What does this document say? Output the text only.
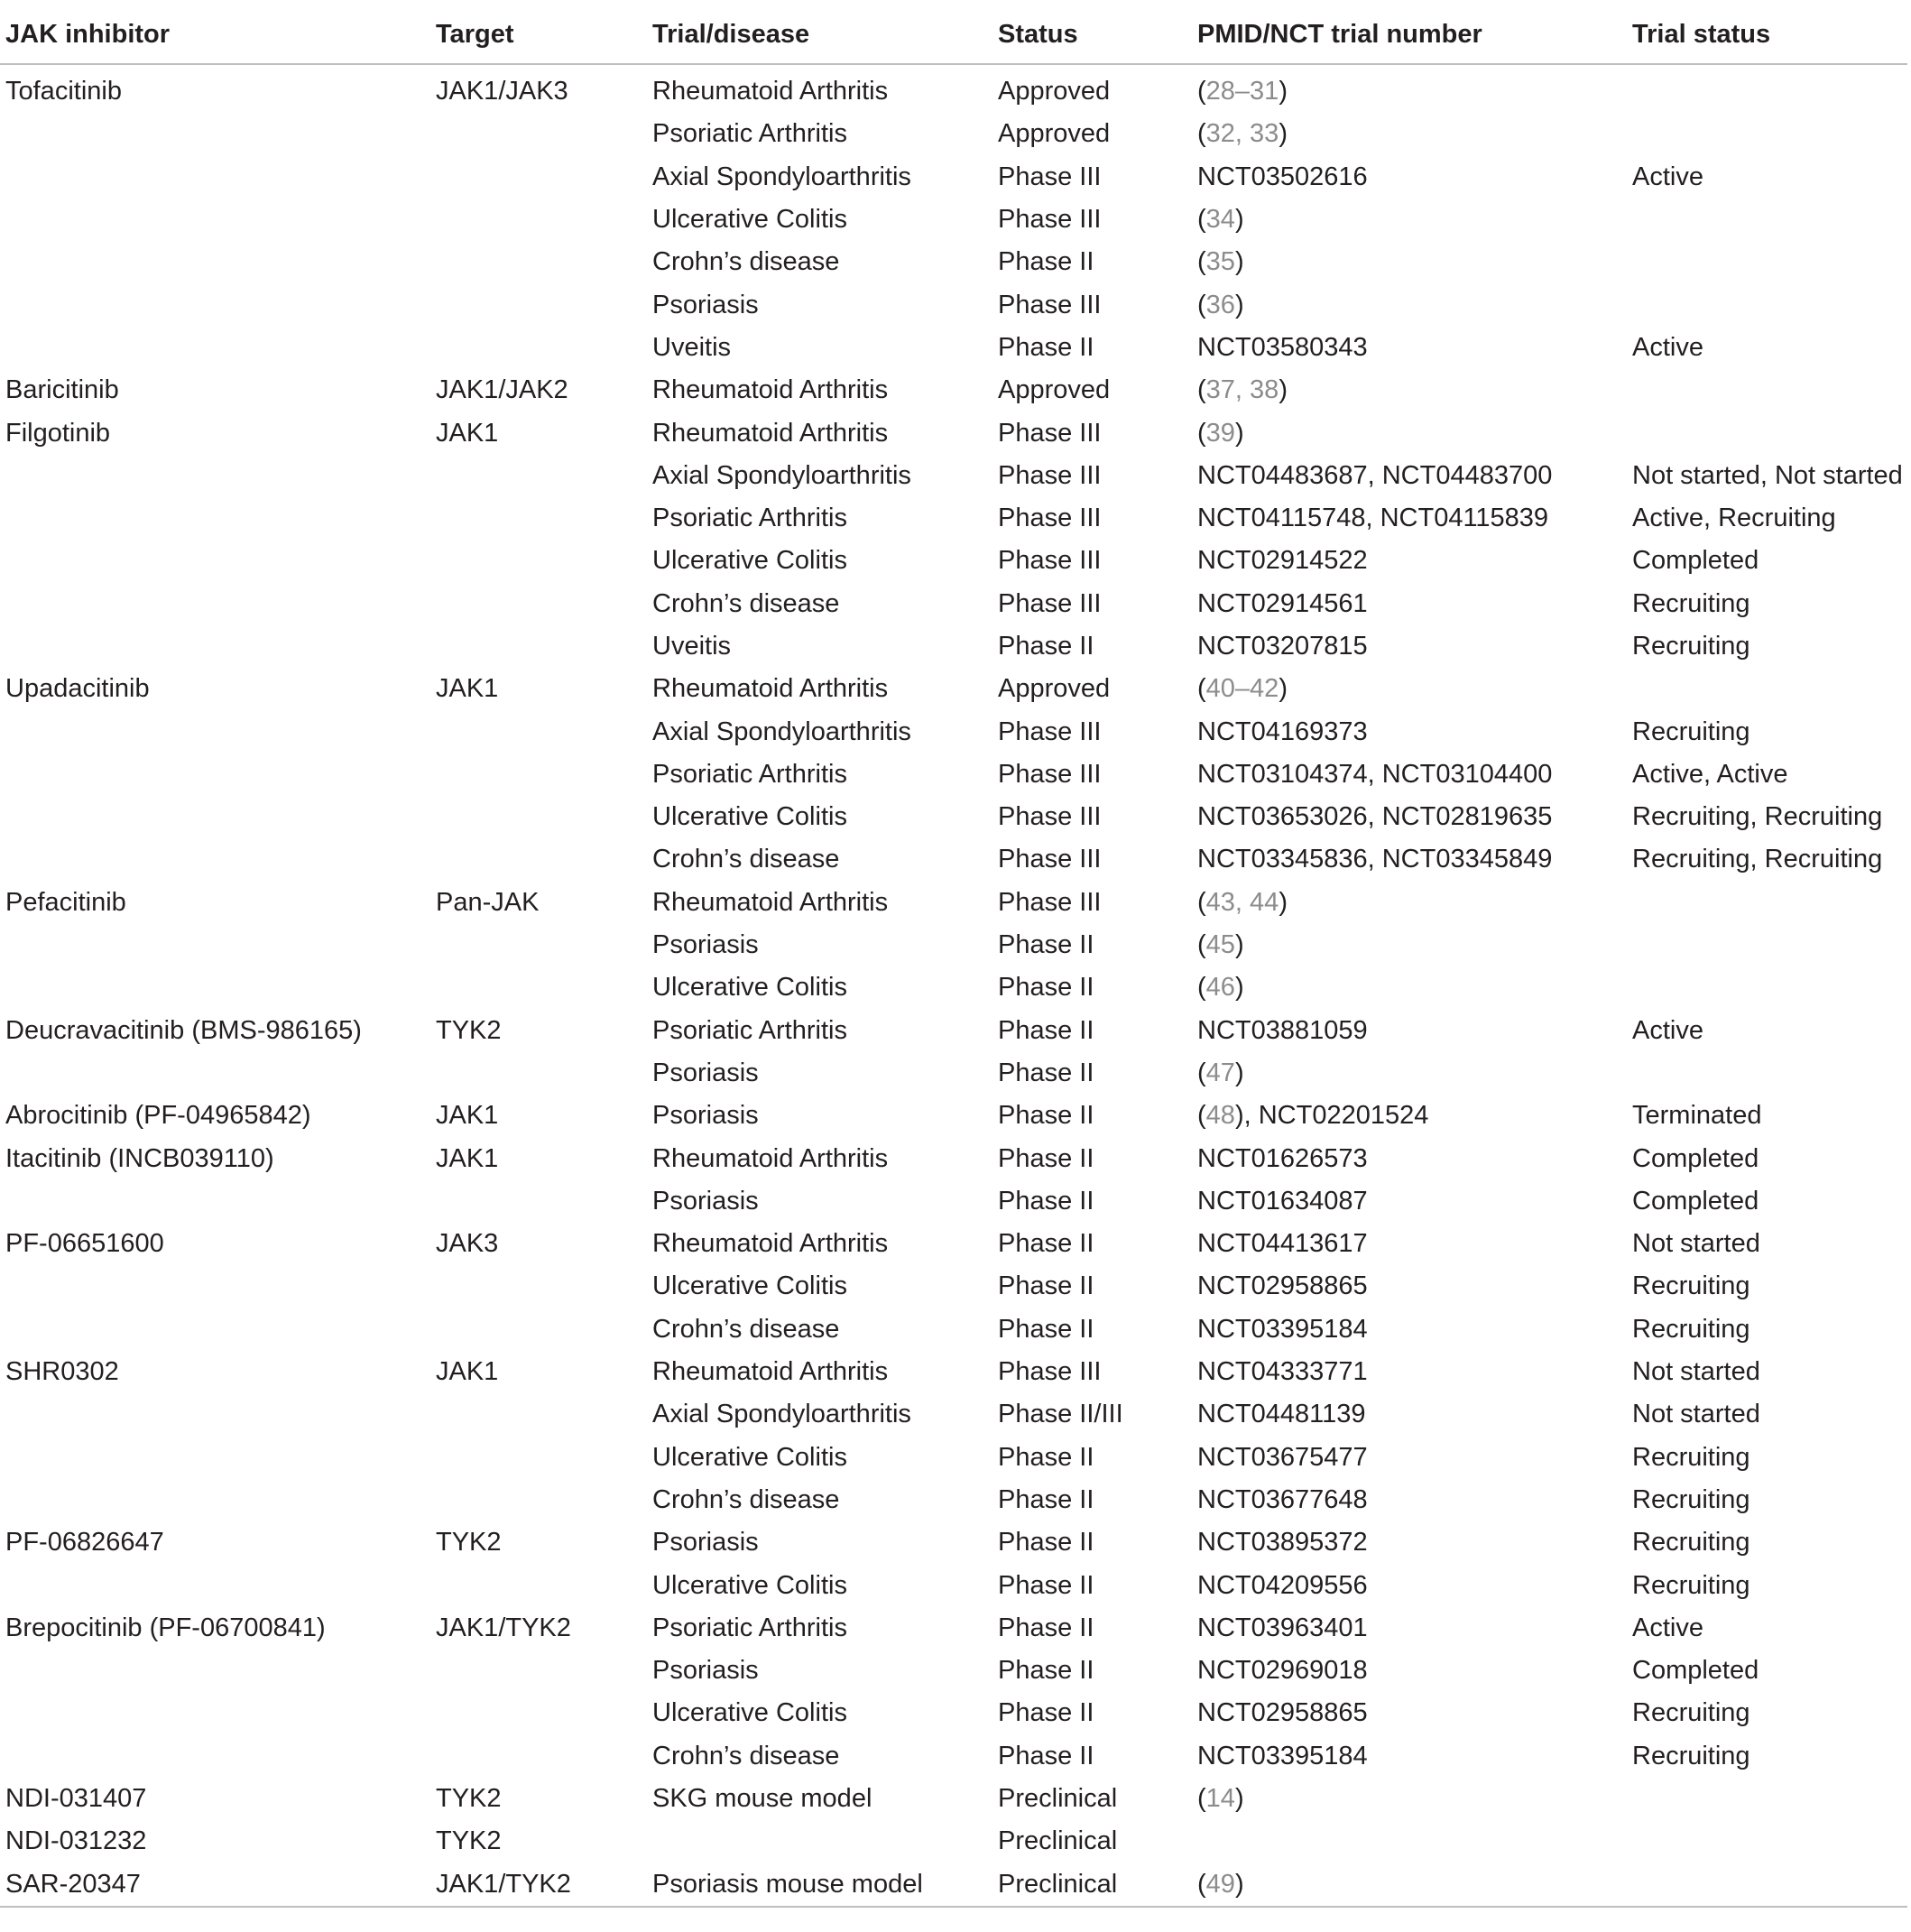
JAK inhibitor	Target	Trial/disease	Status	PMID/NCT trial number	Trial status
Tofacitinib	JAK1/JAK3	Rheumatoid Arthritis	Approved	(28–31)	
		Psoriatic Arthritis	Approved	(32, 33)	
		Axial Spondyloarthritis	Phase III	NCT03502616	Active
		Ulcerative Colitis	Phase III	(34)	
		Crohn’s disease	Phase II	(35)	
		Psoriasis	Phase III	(36)	
		Uveitis	Phase II	NCT03580343	Active
Baricitinib	JAK1/JAK2	Rheumatoid Arthritis	Approved	(37, 38)	
Filgotinib	JAK1	Rheumatoid Arthritis	Phase III	(39)	
		Axial Spondyloarthritis	Phase III	NCT04483687, NCT04483700	Not started, Not started
		Psoriatic Arthritis	Phase III	NCT04115748, NCT04115839	Active, Recruiting
		Ulcerative Colitis	Phase III	NCT02914522	Completed
		Crohn’s disease	Phase III	NCT02914561	Recruiting
		Uveitis	Phase II	NCT03207815	Recruiting
Upadacitinib	JAK1	Rheumatoid Arthritis	Approved	(40–42)	
		Axial Spondyloarthritis	Phase III	NCT04169373	Recruiting
		Psoriatic Arthritis	Phase III	NCT03104374, NCT03104400	Active, Active
		Ulcerative Colitis	Phase III	NCT03653026, NCT02819635	Recruiting, Recruiting
		Crohn’s disease	Phase III	NCT03345836, NCT03345849	Recruiting, Recruiting
Pefacitinib	Pan-JAK	Rheumatoid Arthritis	Phase III	(43, 44)	
		Psoriasis	Phase II	(45)	
		Ulcerative Colitis	Phase II	(46)	
Deucravacitinib (BMS-986165)	TYK2	Psoriatic Arthritis	Phase II	NCT03881059	Active
		Psoriasis	Phase II	(47)	
Abrocitinib (PF-04965842)	JAK1	Psoriasis	Phase II	(48), NCT02201524	Terminated
Itacitinib (INCB039110)	JAK1	Rheumatoid Arthritis	Phase II	NCT01626573	Completed
		Psoriasis	Phase II	NCT01634087	Completed
PF-06651600	JAK3	Rheumatoid Arthritis	Phase II	NCT04413617	Not started
		Ulcerative Colitis	Phase II	NCT02958865	Recruiting
		Crohn’s disease	Phase II	NCT03395184	Recruiting
SHR0302	JAK1	Rheumatoid Arthritis	Phase III	NCT04333771	Not started
		Axial Spondyloarthritis	Phase II/III	NCT04481139	Not started
		Ulcerative Colitis	Phase II	NCT03675477	Recruiting
		Crohn’s disease	Phase II	NCT03677648	Recruiting
PF-06826647	TYK2	Psoriasis	Phase II	NCT03895372	Recruiting
		Ulcerative Colitis	Phase II	NCT04209556	Recruiting
Brepocitinib (PF-06700841)	JAK1/TYK2	Psoriatic Arthritis	Phase II	NCT03963401	Active
		Psoriasis	Phase II	NCT02969018	Completed
		Ulcerative Colitis	Phase II	NCT02958865	Recruiting
		Crohn’s disease	Phase II	NCT03395184	Recruiting
NDI-031407	TYK2	SKG mouse model	Preclinical	(14)	
NDI-031232	TYK2		Preclinical		
SAR-20347	JAK1/TYK2	Psoriasis mouse model	Preclinical	(49)	
